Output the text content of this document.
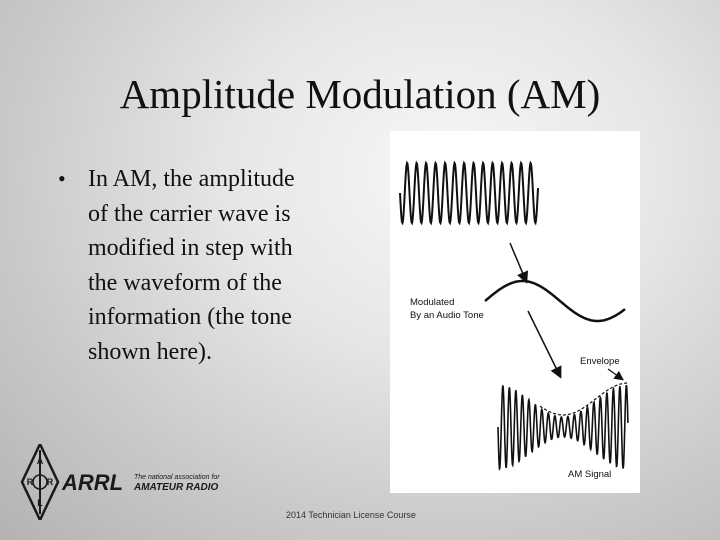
Amplitude Modulation (AM)
• In AM, the amplitude
of the carrier wave is
modified in step with
the waveform of the
information (the tone
shown here).
Modulated
By an Audio Tone
Envelope
AM Signal
A
R R
L
ARRL The national association for
AMATEUR RADIO
2014 Technician License Course
